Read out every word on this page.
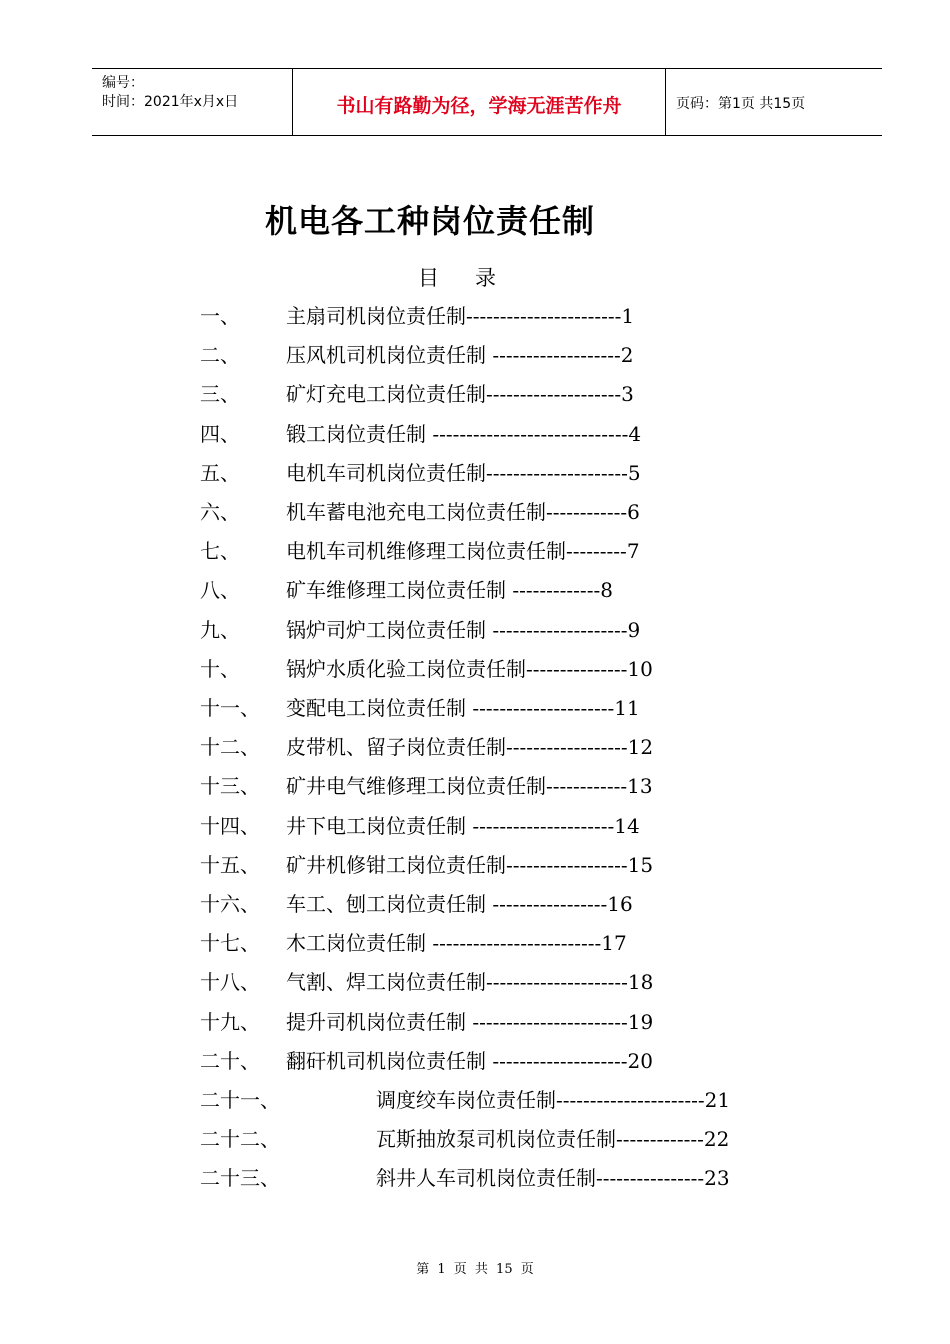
编号：
时间：2021年x月x日	书山有路勤为径，学海无涯苦作舟	页码：第1页 共15页
机电各工种岗位责任制
目录
一、 主扇司机岗位责任制-----------------------1
二、 压风机司机岗位责任制 -------------------2
三、 矿灯充电工岗位责任制--------------------3
四、 锻工岗位责任制 -----------------------------4
五、 电机车司机岗位责任制---------------------5
六、 机车蓄电池充电工岗位责任制------------6
七、 电机车司机维修理工岗位责任制---------7
八、 矿车维修理工岗位责任制 -------------8
九、 锅炉司炉工岗位责任制 --------------------9
十、 锅炉水质化验工岗位责任制---------------10
十一、 变配电工岗位责任制 ---------------------11
十二、 皮带机、留子岗位责任制------------------12
十三、 矿井电气维修理工岗位责任制------------13
十四、 井下电工岗位责任制 ---------------------14
十五、 矿井机修钳工岗位责任制------------------15
十六、 车工、刨工岗位责任制 -----------------16
十七、 木工岗位责任制 -------------------------17
十八、 气割、焊工岗位责任制---------------------18
十九、 提升司机岗位责任制 -----------------------19
二十、 翻矸机司机岗位责任制 --------------------20
二十一、	调度绞车岗位责任制----------------------21
二十二、	瓦斯抽放泵司机岗位责任制-------------22
二十三、	斜井人车司机岗位责任制----------------23
第 1 页 共 15 页
